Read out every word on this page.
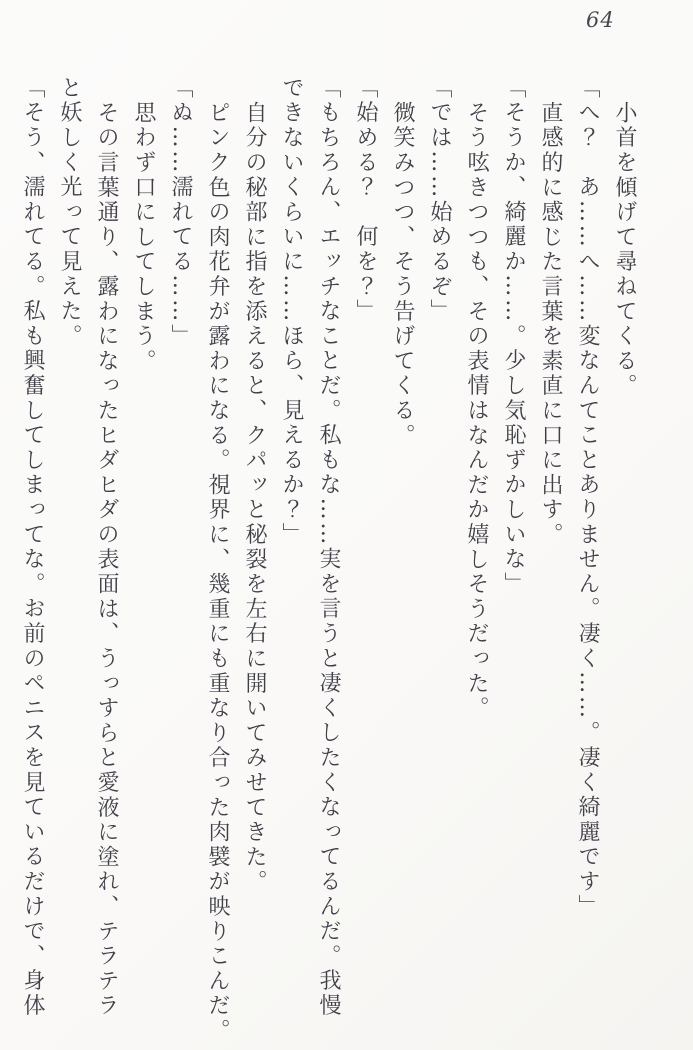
64

小首を傾げて尋ねてくる。

「へ？　あ……へ……変なんてことありません。凄く……。凄く綺麗です」

直感的に感じた言葉を素直に口に出す。

「そうか、綺麗か……。少し気恥ずかしいな」

そう呟きつつも、その表情はなんだか嬉しそうだった。

「では……始めるぞ」

微笑みつつ、そう告げてくる。

「始める？　何を？」

「もちろん、エッチなことだ。私もな……実を言うと凄くしたくなってるんだ。我慢

できないくらいに……ほら、見えるか？」

自分の秘部に指を添えると、クパッと秘裂を左右に開いてみせてきた。

ピンク色の肉花弁が露わになる。視界に、幾重にも重なり合った肉襞が映りこんだ。

「ぬ……濡れてる……」

思わず口にしてしまう。

その言葉通り、露わになったヒダヒダの表面は、うっすらと愛液に塗れ、テラテラ

と妖しく光って見えた。

「そう、濡れてる。私も興奮してしまってな。お前のペニスを見ているだけで、身体
